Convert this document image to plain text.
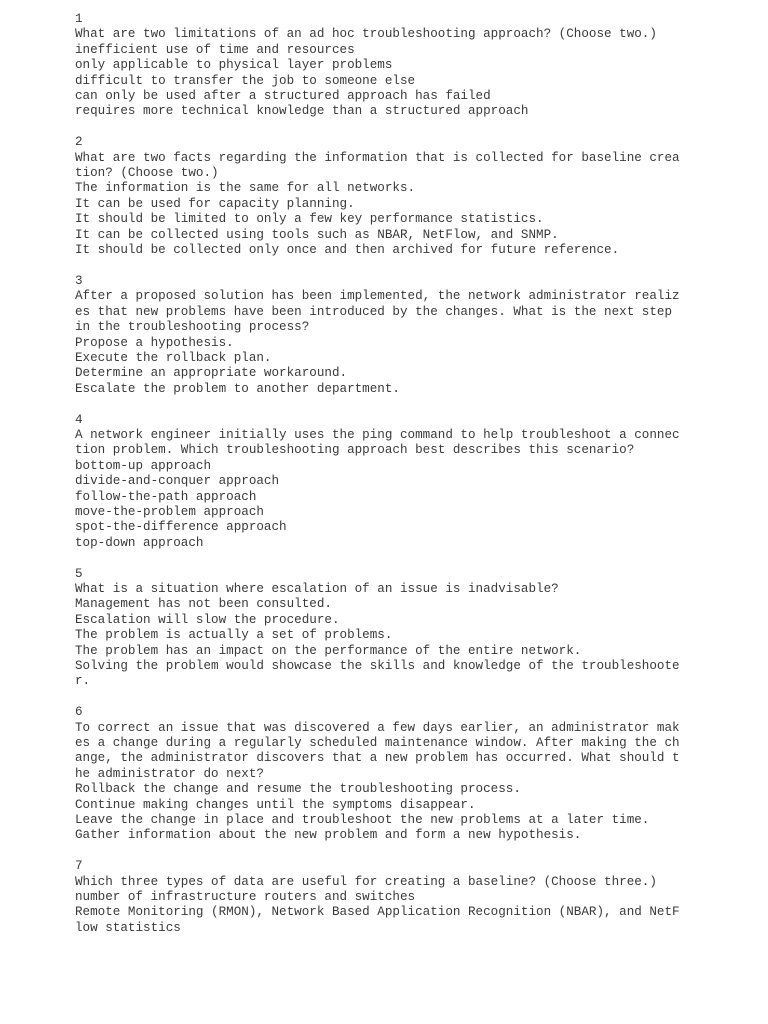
1
What are two limitations of an ad hoc troubleshooting approach? (Choose two.)
inefficient use of time and resources
only applicable to physical layer problems
difficult to transfer the job to someone else
can only be used after a structured approach has failed
requires more technical knowledge than a structured approach
2
What are two facts regarding the information that is collected for baseline crea
tion? (Choose two.)
The information is the same for all networks.
It can be used for capacity planning.
It should be limited to only a few key performance statistics.
It can be collected using tools such as NBAR, NetFlow, and SNMP.
It should be collected only once and then archived for future reference.
3
After a proposed solution has been implemented, the network administrator realiz
es that new problems have been introduced by the changes. What is the next step
in the troubleshooting process?
Propose a hypothesis.
Execute the rollback plan.
Determine an appropriate workaround.
Escalate the problem to another department.
4
A network engineer initially uses the ping command to help troubleshoot a connec
tion problem. Which troubleshooting approach best describes this scenario?
bottom-up approach
divide-and-conquer approach
follow-the-path approach
move-the-problem approach
spot-the-difference approach
top-down approach
5
What is a situation where escalation of an issue is inadvisable?
Management has not been consulted.
Escalation will slow the procedure.
The problem is actually a set of problems.
The problem has an impact on the performance of the entire network.
Solving the problem would showcase the skills and knowledge of the troubleshoote
r.
6
To correct an issue that was discovered a few days earlier, an administrator mak
es a change during a regularly scheduled maintenance window. After making the ch
ange, the administrator discovers that a new problem has occurred. What should t
he administrator do next?
Rollback the change and resume the troubleshooting process.
Continue making changes until the symptoms disappear.
Leave the change in place and troubleshoot the new problems at a later time.
Gather information about the new problem and form a new hypothesis.
7
Which three types of data are useful for creating a baseline? (Choose three.)
number of infrastructure routers and switches
Remote Monitoring (RMON), Network Based Application Recognition (NBAR), and NetF
low statistics
